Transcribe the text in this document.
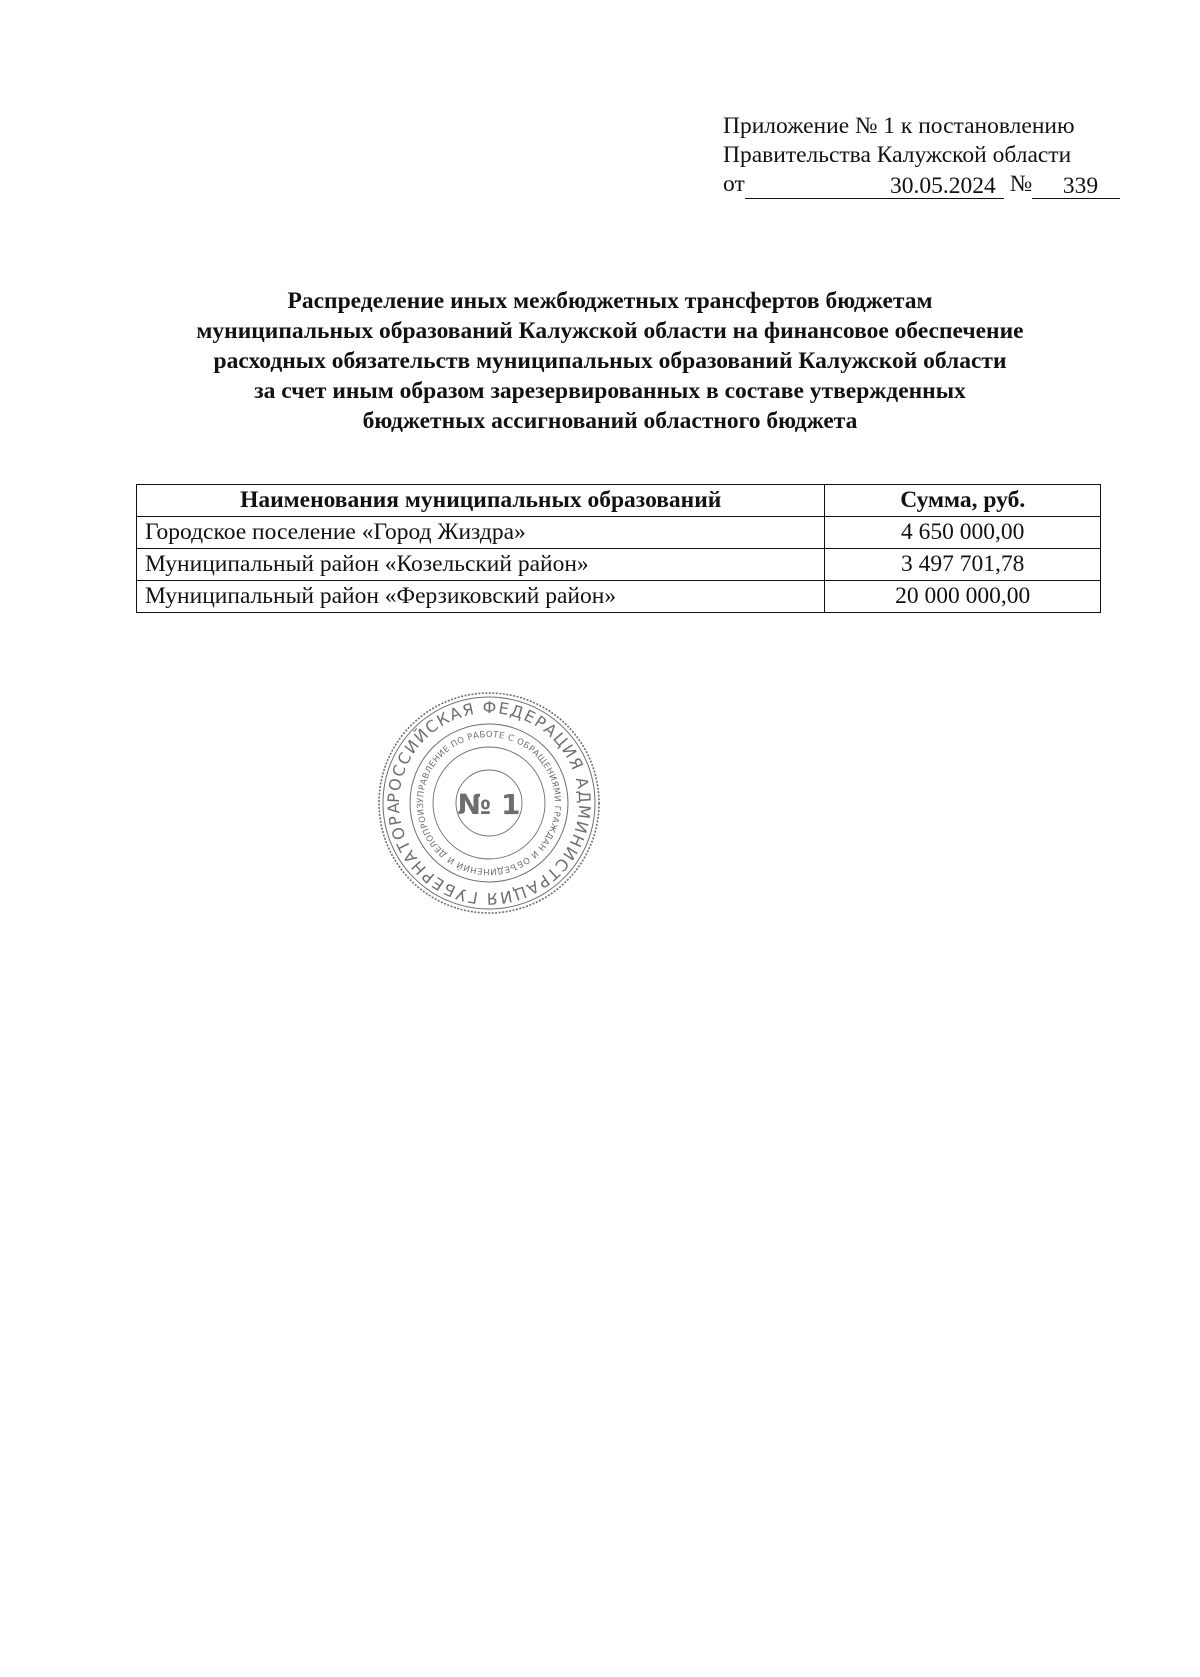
Приложение № 1 к постановлению
Правительства Калужской области
от	30.05.2024 №	339
Распределение иных межбюджетных трансфертов бюджетам
муниципальных образований Калужской области на финансовое обеспечение
расходных обязательств муниципальных образований Калужской области
за счет иным образом зарезервированных в составе утвержденных
бюджетных ассигнований областного бюджета
Наименования муниципальных образований	Сумма, руб.
Городское поселение «Город Жиздра»	4 650 000,00
Муниципальный район «Козельский район»	3 497 701,78
Муниципальный район «Ферзиковский район»	20 000 000,00
РОССИЙСКАЯ ФЕДЕРАЦИЯ АДМИНИСТРАЦИЯ ГУБЕРНАТОРА
УПРАВЛЕНИЕ ПО РАБОТЕ С ОБРАЩЕНИЯМИ ГРАЖДАН И ОБЪЕДИНЕНИЙ И ДЕЛОПРОИЗ	№ 1
